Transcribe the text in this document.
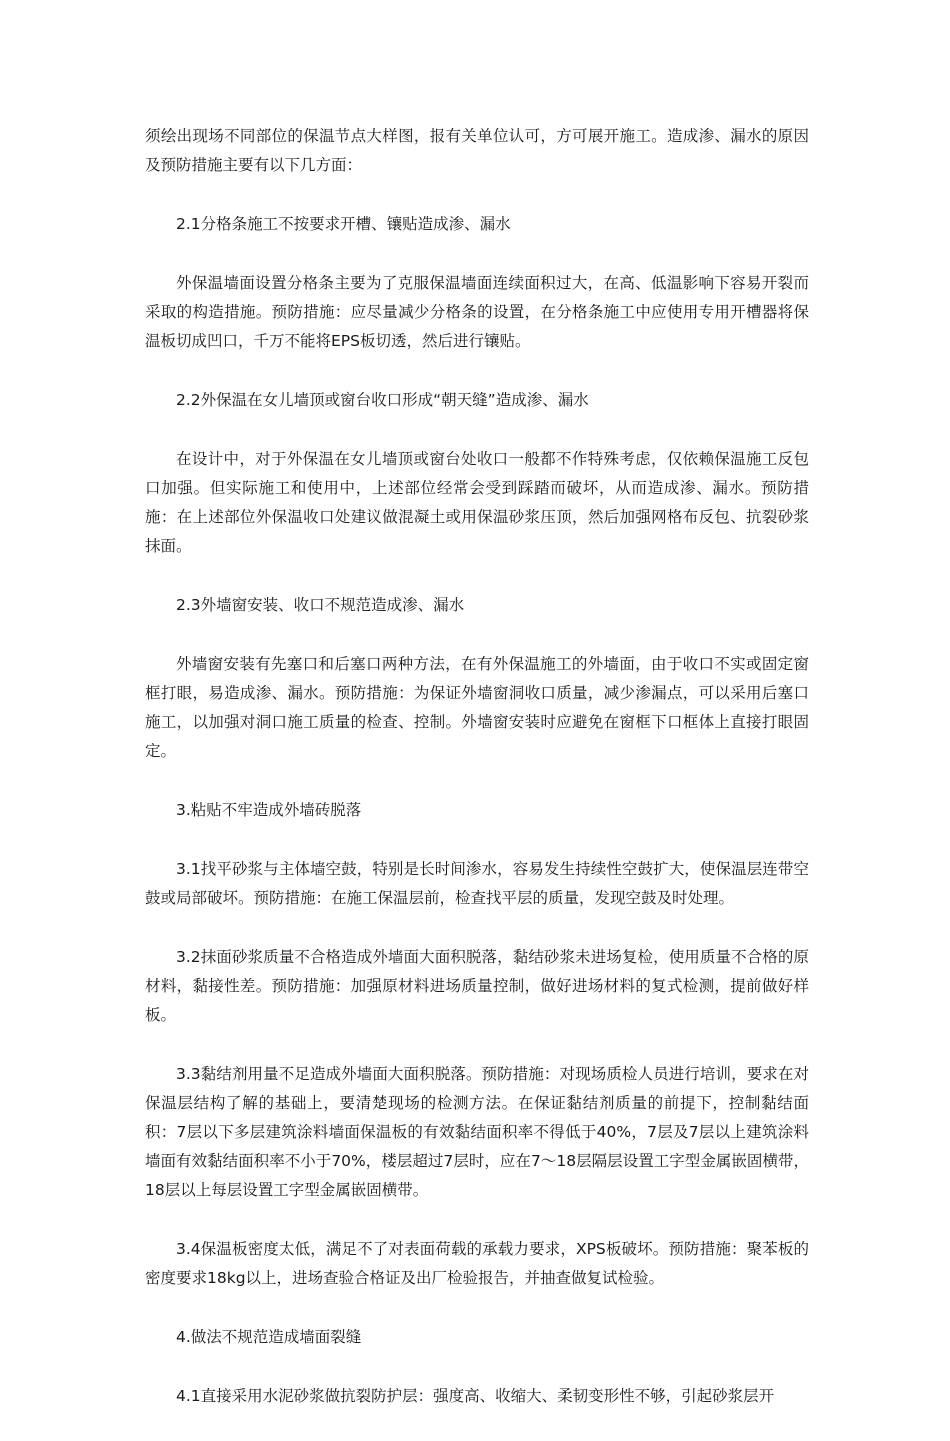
须绘出现场不同部位的保温节点大样图，报有关单位认可，方可展开施工。造成渗、漏水的原因及预防措施主要有以下几方面：

2.1分格条施工不按要求开槽、镶贴造成渗、漏水

外保温墙面设置分格条主要为了克服保温墙面连续面积过大，在高、低温影响下容易开裂而采取的构造措施。预防措施：应尽量减少分格条的设置，在分格条施工中应使用专用开槽器将保温板切成凹口，千万不能将EPS板切透，然后进行镶贴。

2.2外保温在女儿墙顶或窗台收口形成“朝天缝”造成渗、漏水

在设计中，对于外保温在女儿墙顶或窗台处收口一般都不作特殊考虑，仅依赖保温施工反包口加强。但实际施工和使用中，上述部位经常会受到踩踏而破坏，从而造成渗、漏水。预防措施：在上述部位外保温收口处建议做混凝土或用保温砂浆压顶，然后加强网格布反包、抗裂砂浆抹面。

2.3外墙窗安装、收口不规范造成渗、漏水

外墙窗安装有先塞口和后塞口两种方法，在有外保温施工的外墙面，由于收口不实或固定窗框打眼，易造成渗、漏水。预防措施：为保证外墙窗洞收口质量，减少渗漏点，可以采用后塞口施工，以加强对洞口施工质量的检查、控制。外墙窗安装时应避免在窗框下口框体上直接打眼固定。

3.粘贴不牢造成外墙砖脱落

3.1找平砂浆与主体墙空鼓，特别是长时间渗水，容易发生持续性空鼓扩大，使保温层连带空鼓或局部破坏。预防措施：在施工保温层前，检查找平层的质量，发现空鼓及时处理。

3.2抹面砂浆质量不合格造成外墙面大面积脱落，黏结砂浆未进场复检，使用质量不合格的原材料，黏接性差。预防措施：加强原材料进场质量控制，做好进场材料的复式检测，提前做好样板。

3.3黏结剂用量不足造成外墙面大面积脱落。预防措施：对现场质检人员进行培训，要求在对保温层结构了解的基础上，要清楚现场的检测方法。在保证黏结剂质量的前提下，控制黏结面积：7层以下多层建筑涂料墙面保温板的有效黏结面积率不得低于40%，7层及7层以上建筑涂料墙面有效黏结面积率不小于70%，楼层超过7层时，应在7～18层隔层设置工字型金属嵌固横带，18层以上每层设置工字型金属嵌固横带。

3.4保温板密度太低，满足不了对表面荷载的承载力要求，XPS板破坏。预防措施：聚苯板的密度要求18kg以上，进场查验合格证及出厂检验报告，并抽查做复试检验。

4.做法不规范造成墙面裂缝

4.1直接采用水泥砂浆做抗裂防护层：强度高、收缩大、柔韧变形性不够，引起砂浆层开
